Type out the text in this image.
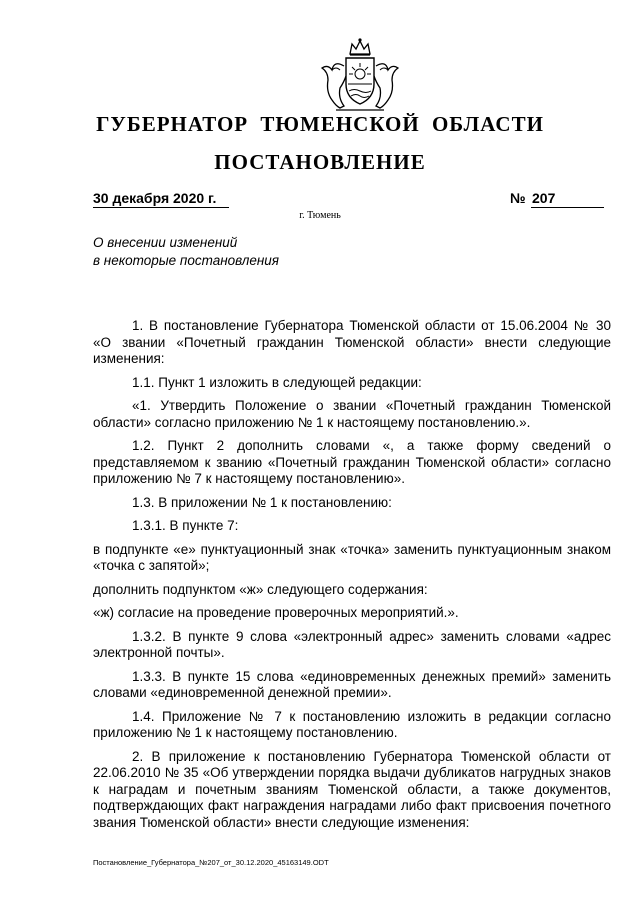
ГУБЕРНАТОР ТЮМЕНСКОЙ ОБЛАСТИ
ПОСТАНОВЛЕНИЕ
30 декабря 2020 г.	№ 207
г. Тюмень

О внесении изменений
в некоторые постановления

1. В постановление Губернатора Тюменской области от 15.06.2004 № 30 «О звании «Почетный гражданин Тюменской области» внести следующие изменения:

1.1. Пункт 1 изложить в следующей редакции:

«1. Утвердить Положение о звании «Почетный гражданин Тюменской области» согласно приложению № 1 к настоящему постановлению.».

1.2. Пункт 2 дополнить словами «, а также форму сведений о представляемом к званию «Почетный гражданин Тюменской области» согласно приложению № 7 к настоящему постановлению».

1.3. В приложении № 1 к постановлению:

1.3.1. В пункте 7:

в подпункте «е» пунктуационный знак «точка» заменить пунктуационным знаком «точка с запятой»;

дополнить подпунктом «ж» следующего содержания:

«ж) согласие на проведение проверочных мероприятий.».

1.3.2. В пункте 9 слова «электронный адрес» заменить словами «адрес электронной почты».

1.3.3. В пункте 15 слова «единовременных денежных премий» заменить словами «единовременной денежной премии».

1.4. Приложение № 7 к постановлению изложить в редакции согласно приложению № 1 к настоящему постановлению.

2. В приложение к постановлению Губернатора Тюменской области от 22.06.2010 № 35 «Об утверждении порядка выдачи дубликатов нагрудных знаков к наградам и почетным званиям Тюменской области, а также документов, подтверждающих факт награждения наградами либо факт присвоения почетного звания Тюменской области» внести следующие изменения:

Постановление_Губернатора_№207_от_30.12.2020_45163149.ODT
